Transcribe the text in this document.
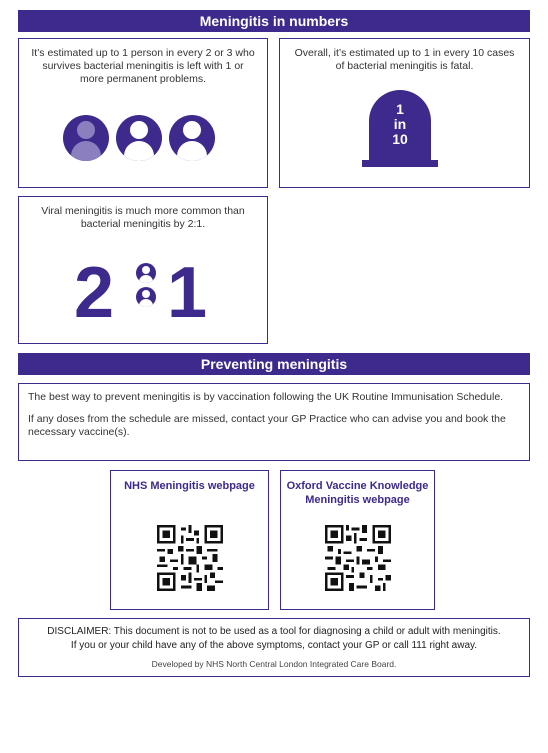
Meningitis in numbers
It’s estimated up to 1 person in every 2 or 3 who survives bacterial meningitis is left with 1 or more permanent problems.
Overall, it’s estimated up to 1 in every 10 cases of bacterial meningitis is fatal.
1
in
10
Viral meningitis is much more common than bacterial meningitis by 2:1.
2 1
Preventing meningitis

The best way to prevent meningitis is by vaccination following the UK Routine Immunisation Schedule.

If any doses from the schedule are missed, contact your GP Practice who can advise you and book the necessary vaccine(s).

NHS Meningitis webpage	Oxford Vaccine Knowledge Meningitis webpage
DISCLAIMER: This document is not to be used as a tool for diagnosing a child or adult with meningitis.
If you or your child have any of the above symptoms, contact your GP or call 111 right away.
Developed by NHS North Central London Integrated Care Board.
